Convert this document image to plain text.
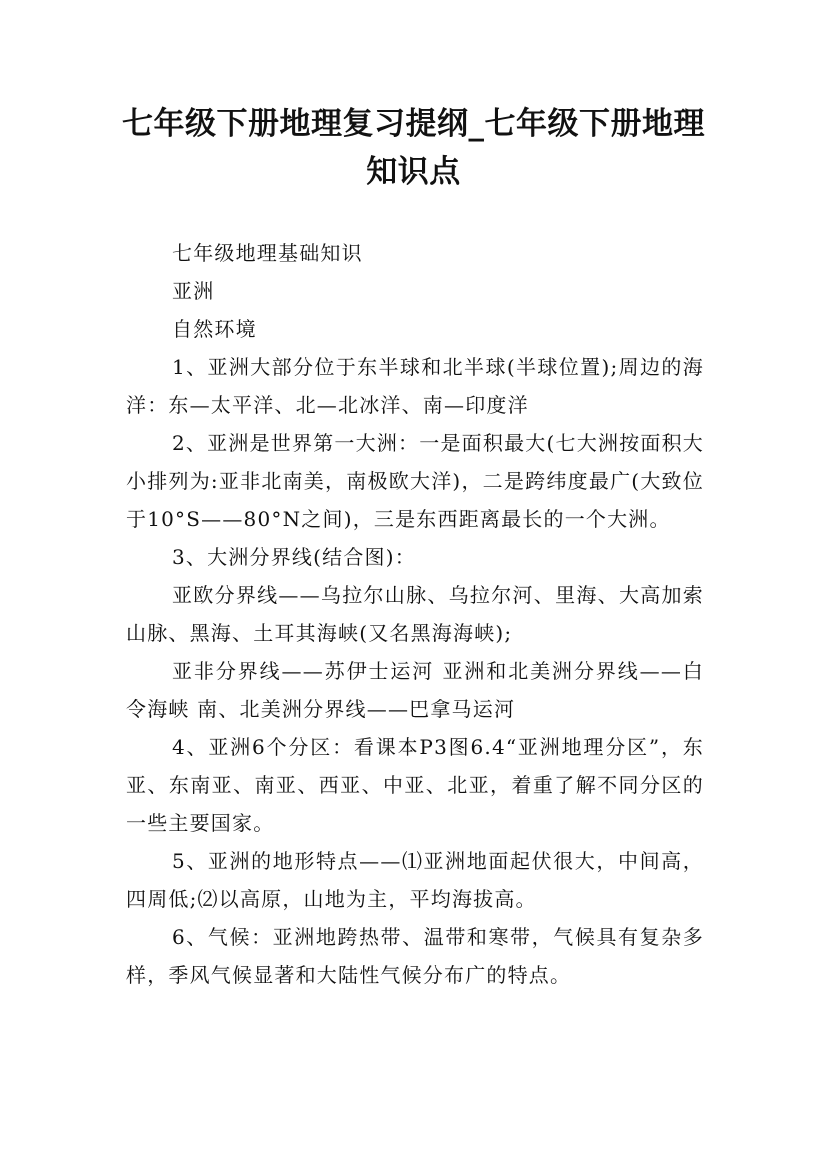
七年级下册地理复习提纲_七年级下册地理知识点

七年级地理基础知识

亚洲

自然环境

1、亚洲大部分位于东半球和北半球(半球位置);周边的海洋：东—太平洋、北—北冰洋、南—印度洋

2、亚洲是世界第一大洲：一是面积最大(七大洲按面积大小排列为:亚非北南美，南极欧大洋)，二是跨纬度最广(大致位于10°S——80°N之间)，三是东西距离最长的一个大洲。

3、大洲分界线(结合图)：

亚欧分界线——乌拉尔山脉、乌拉尔河、里海、大高加索山脉、黑海、土耳其海峡(又名黑海海峡);

亚非分界线——苏伊士运河 亚洲和北美洲分界线——白令海峡 南、北美洲分界线——巴拿马运河

4、亚洲6个分区：看课本P3图6.4“亚洲地理分区”，东亚、东南亚、南亚、西亚、中亚、北亚，着重了解不同分区的一些主要国家。

5、亚洲的地形特点——⑴亚洲地面起伏很大，中间高，四周低;⑵以高原，山地为主，平均海拔高。

6、气候：亚洲地跨热带、温带和寒带，气候具有复杂多样，季风气候显著和大陆性气候分布广的特点。
